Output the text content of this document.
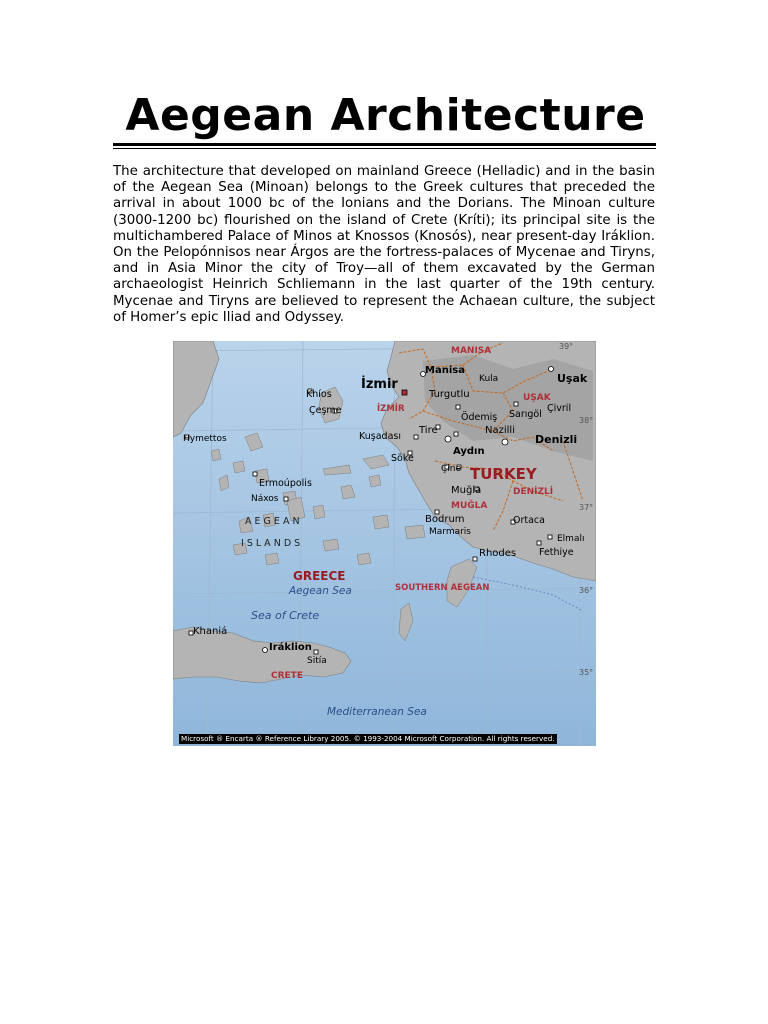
Aegean Architecture

The architecture that developed on mainland Greece (Helladic) and in the basin of the Aegean Sea (Minoan) belongs to the Greek cultures that preceded the arrival in about 1000 bc of the Ionians and the Dorians. The Minoan culture (3000-1200 bc) flourished on the island of Crete (Kríti); its principal site is the multichambered Palace of Minos at Knossos (Knosós), near present-day Iráklion. On the Pelopónnisos near Árgos are the fortress-palaces of Mycenae and Tiryns, and in Asia Minor the city of Troy—all of them excavated by the German archaeologist Heinrich Schliemann in the last quarter of the 19th century. Mycenae and Tiryns are believed to represent the Achaean culture, the subject of Homer’s epic Iliad and Odyssey.

MANISA
Manisa
İzmir
İZMİR
Kula	Uşak
UŞAK
Turgutlu
Ödemiş Sarıgöl
Çivril
Khíos
Çeşme
Kuşadası
Tire	Nazilli
Aydın
Denizli
Söke
Çine TURKEY
DENİZLİ
Muğla
MUĞLA
Hymettos
Ermoúpolis
Náxos
A E G E A N
I S L A N D S
Bodrum
Marmaris
Ortaca
Elmalı
Fethiye
Rhodes
GREECE
Aegean Sea	SOUTHERN AEGEAN
Sea of Crete
Khaniá
Iráklion
Sitía
CRETE
Mediterranean Sea
39°
38°
37°
36°
35°
Microsoft ® Encarta ® Reference Library 2005. © 1993-2004 Microsoft Corporation. All rights reserved.
